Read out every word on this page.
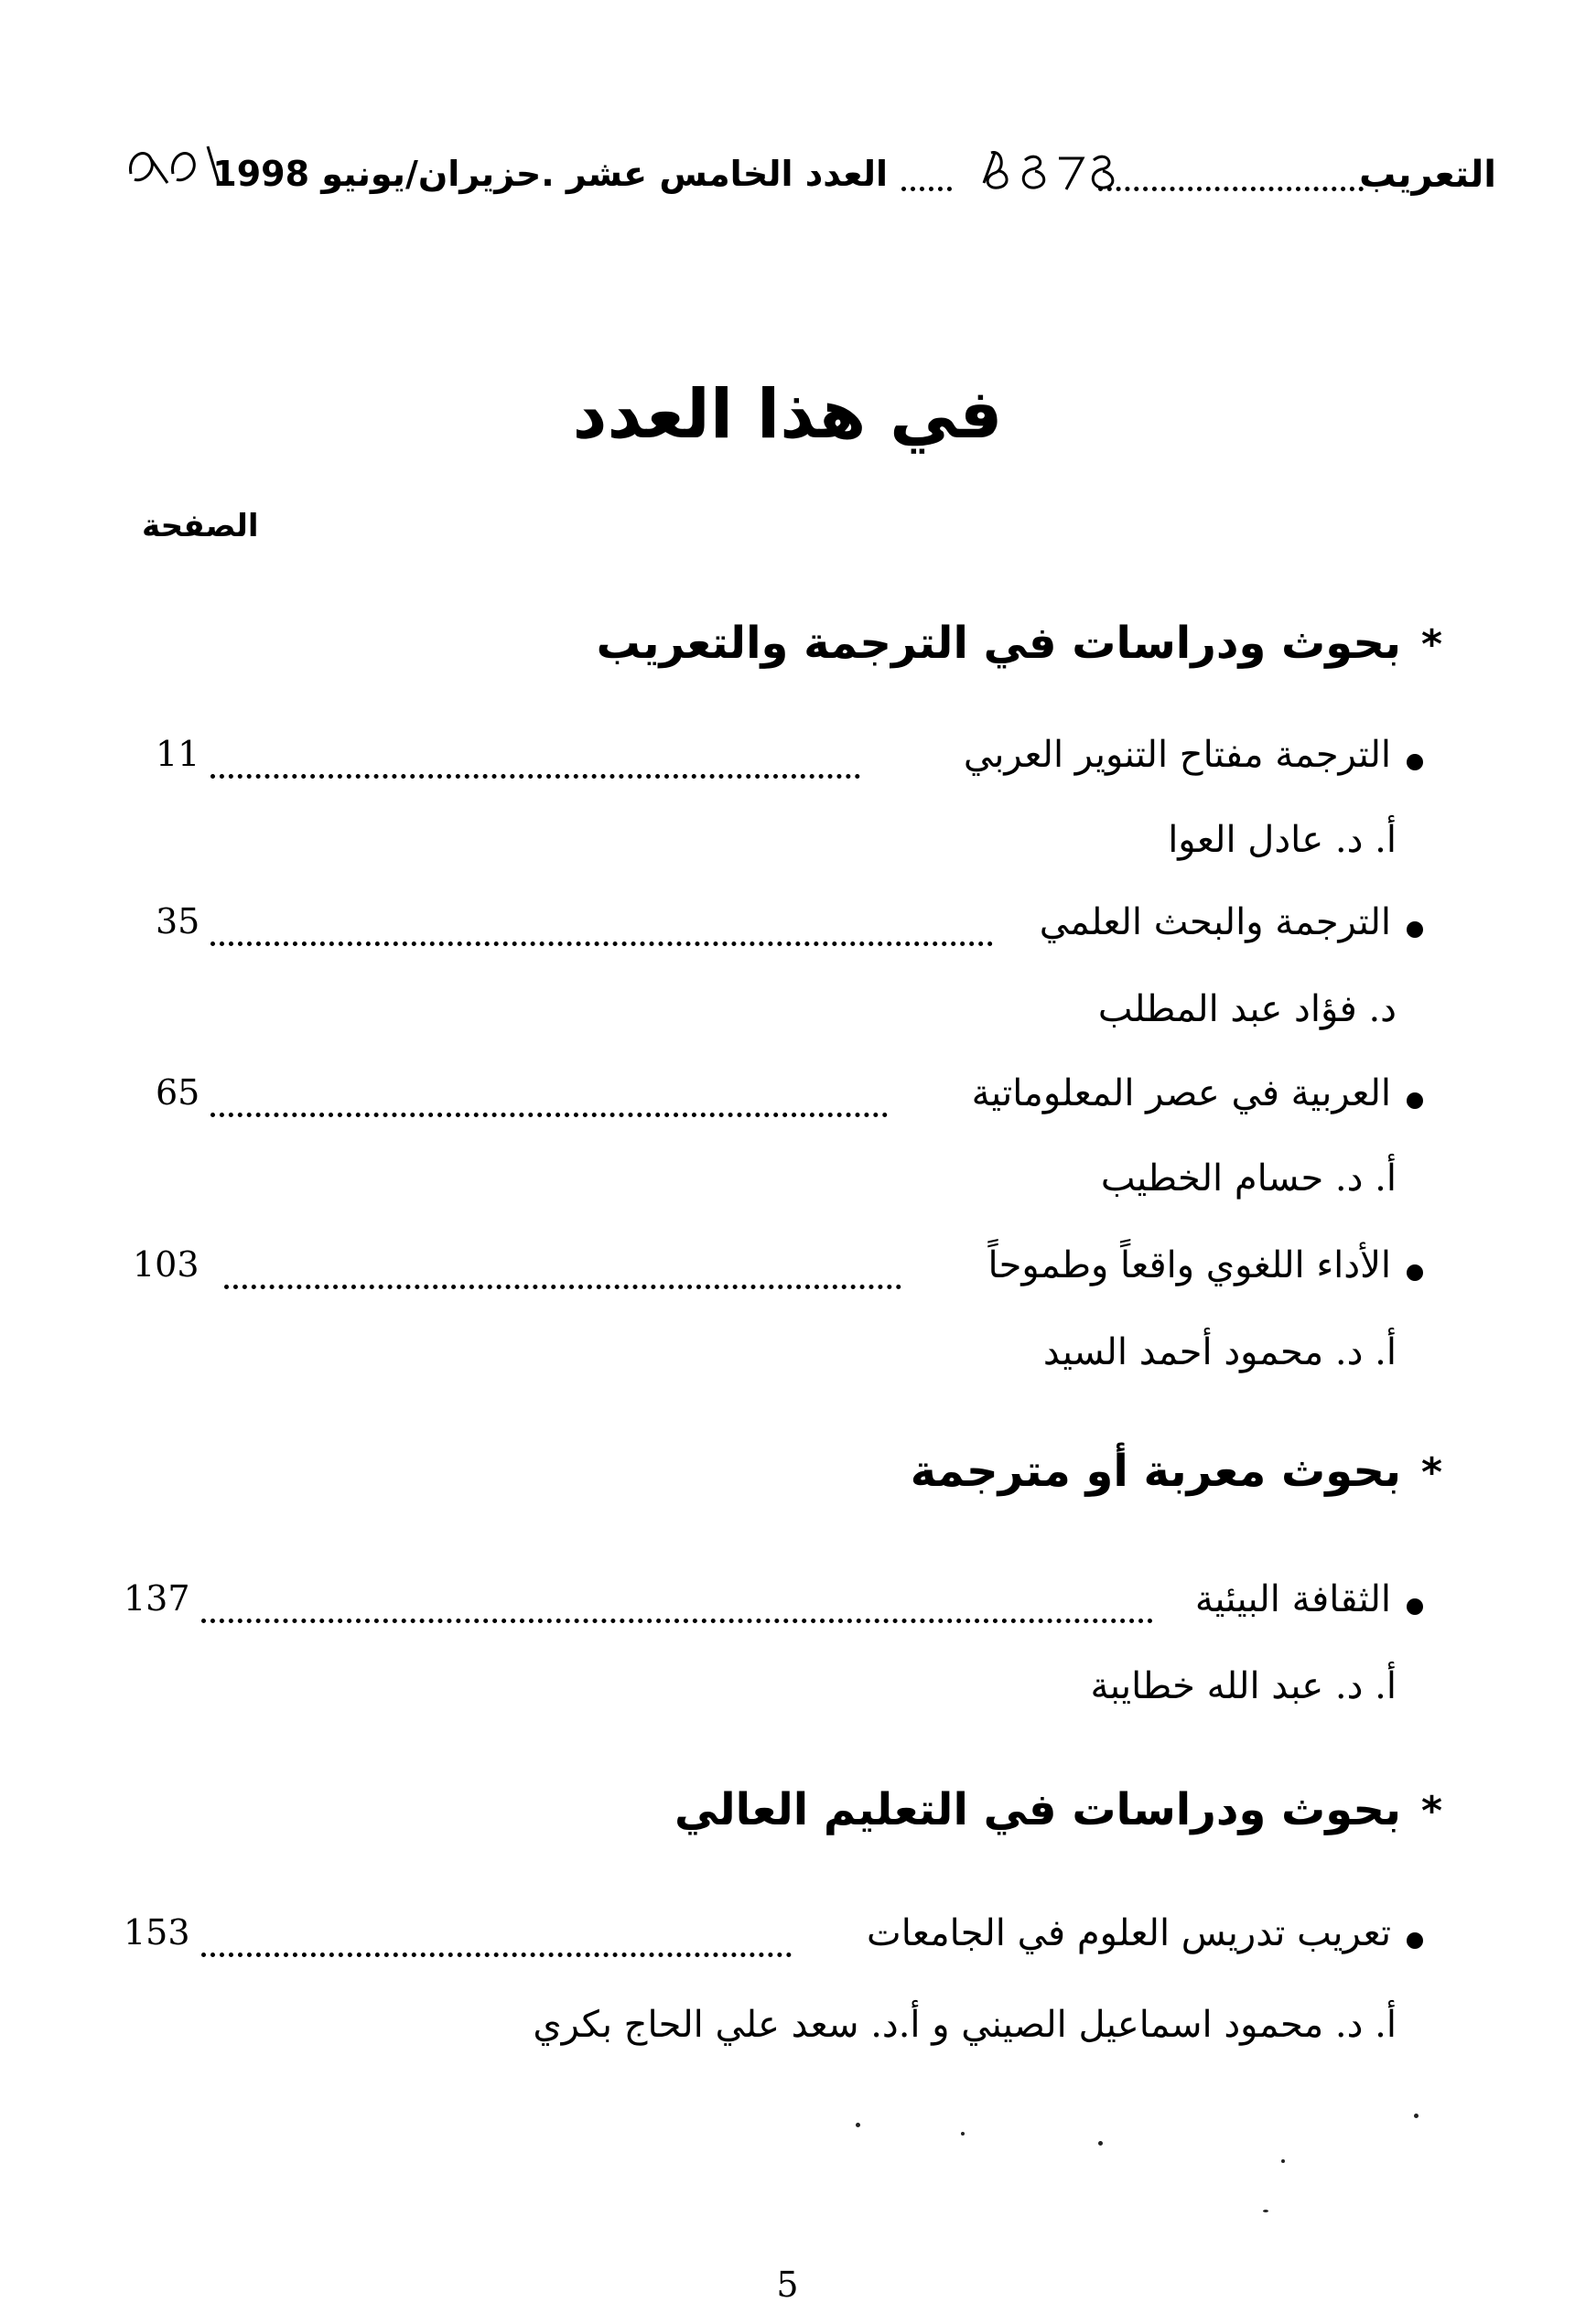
التعريب
العدد الخامس عشر .حزيران/يونيو 1998
في هذا العدد
الصفحة
*بحوث ودراسات في الترجمة والتعريب
الترجمة مفتاح التنوير العربي
11
أ. د. عادل العوا
الترجمة والبحث العلمي
35
د. فؤاد عبد المطلب
العربية في عصر المعلوماتية
65
أ. د. حسام الخطيب
الأداء اللغوي واقعاً وطموحاً
103
أ. د. محمود أحمد السيد
*بحوث معربة أو مترجمة
الثقافة البيئية
137
أ. د. عبد الله خطايبة
*بحوث ودراسات في التعليم العالي
تعريب تدريس العلوم في الجامعات
153
أ. د. محمود اسماعيل الصيني و أ.د. سعد علي الحاج بكري
5
